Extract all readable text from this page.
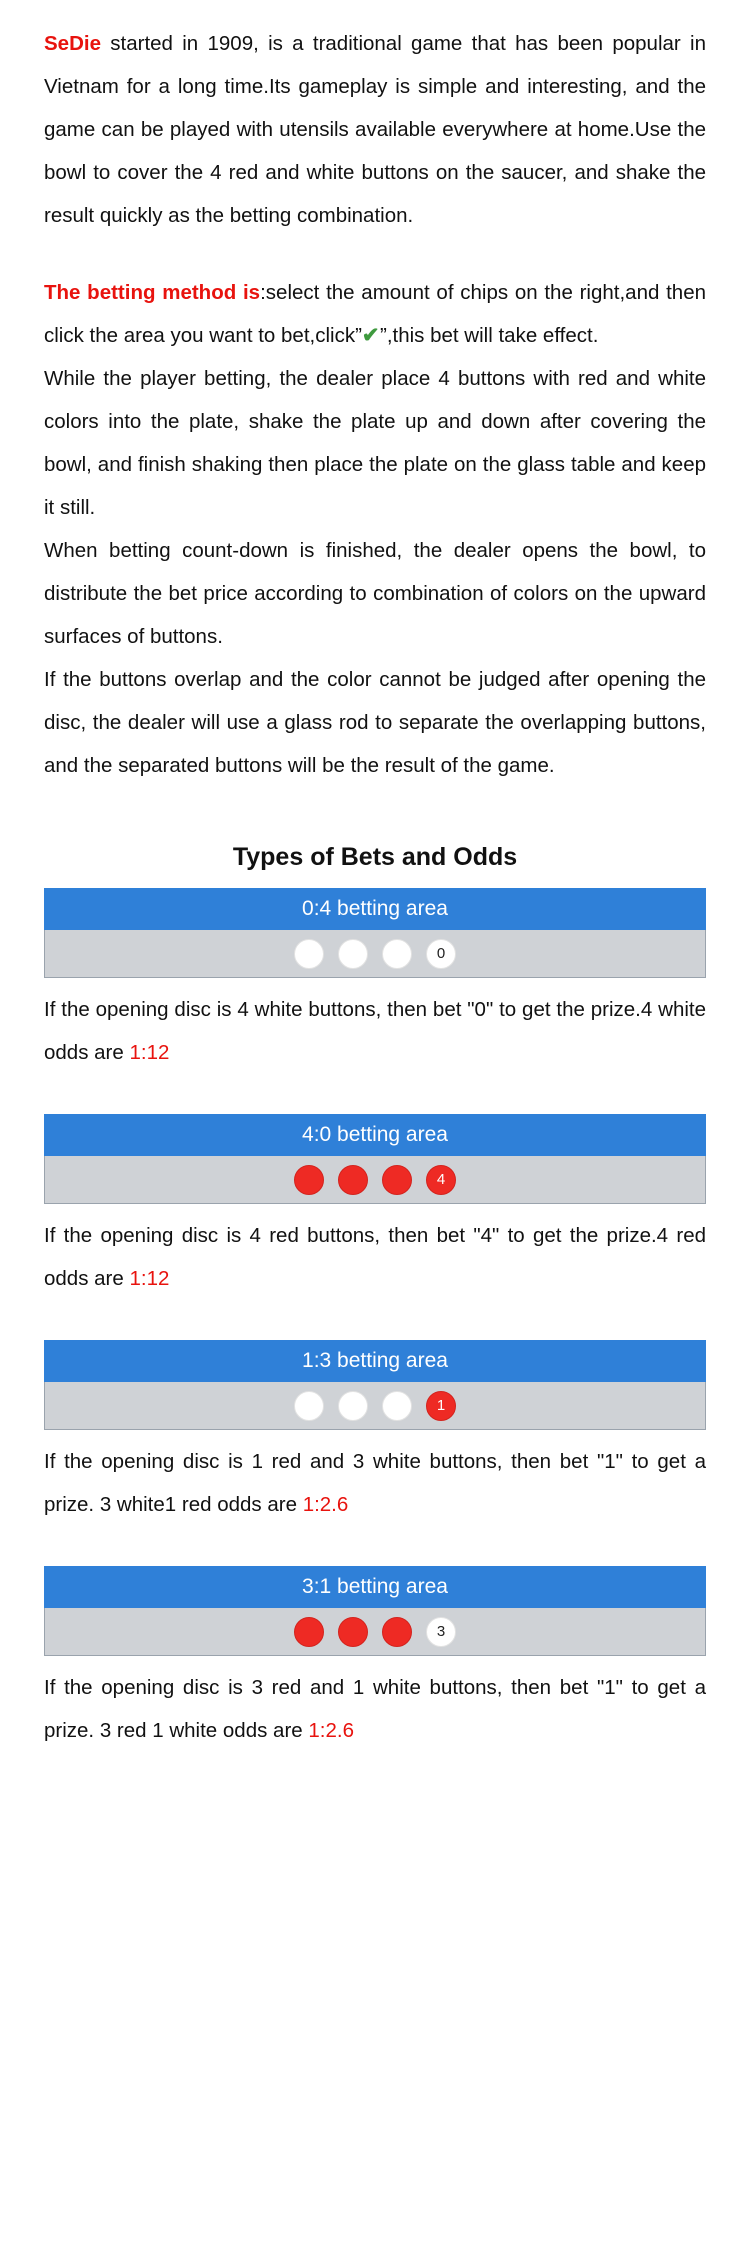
SeDie started in 1909, is a traditional game that has been popular in Vietnam for a long time.Its gameplay is simple and interesting, and the game can be played with utensils available everywhere at home.Use the bowl to cover the 4 red and white buttons on the saucer, and shake the result quickly as the betting combination.

The betting method is:select the amount of chips on the right,and then click the area you want to bet,click”✔”,this bet will take effect.

While the player betting, the dealer place 4 buttons with red and white colors into the plate, shake the plate up and down after covering the bowl, and finish shaking then place the plate on the glass table and keep it still.

When betting count-down is finished, the dealer opens the bowl, to distribute the bet price according to combination of colors on the upward surfaces of buttons.

If the buttons overlap and the color cannot be judged after opening the disc, the dealer will use a glass rod to separate the overlapping buttons, and the separated buttons will be the result of the game.

Types of Bets and Odds
0:4 betting area
0

If the opening disc is 4 white buttons, then bet "0" to get the prize.4 white odds are 1:12

4:0 betting area
4

If the opening disc is 4 red buttons, then bet "4" to get the prize.4 red odds are 1:12

1:3 betting area
1

If the opening disc is 1 red and 3 white buttons, then bet "1" to get a prize. 3 white1 red odds are 1:2.6

3:1 betting area
3

If the opening disc is 3 red and 1 white buttons, then bet "1" to get a prize. 3 red 1 white odds are 1:2.6
